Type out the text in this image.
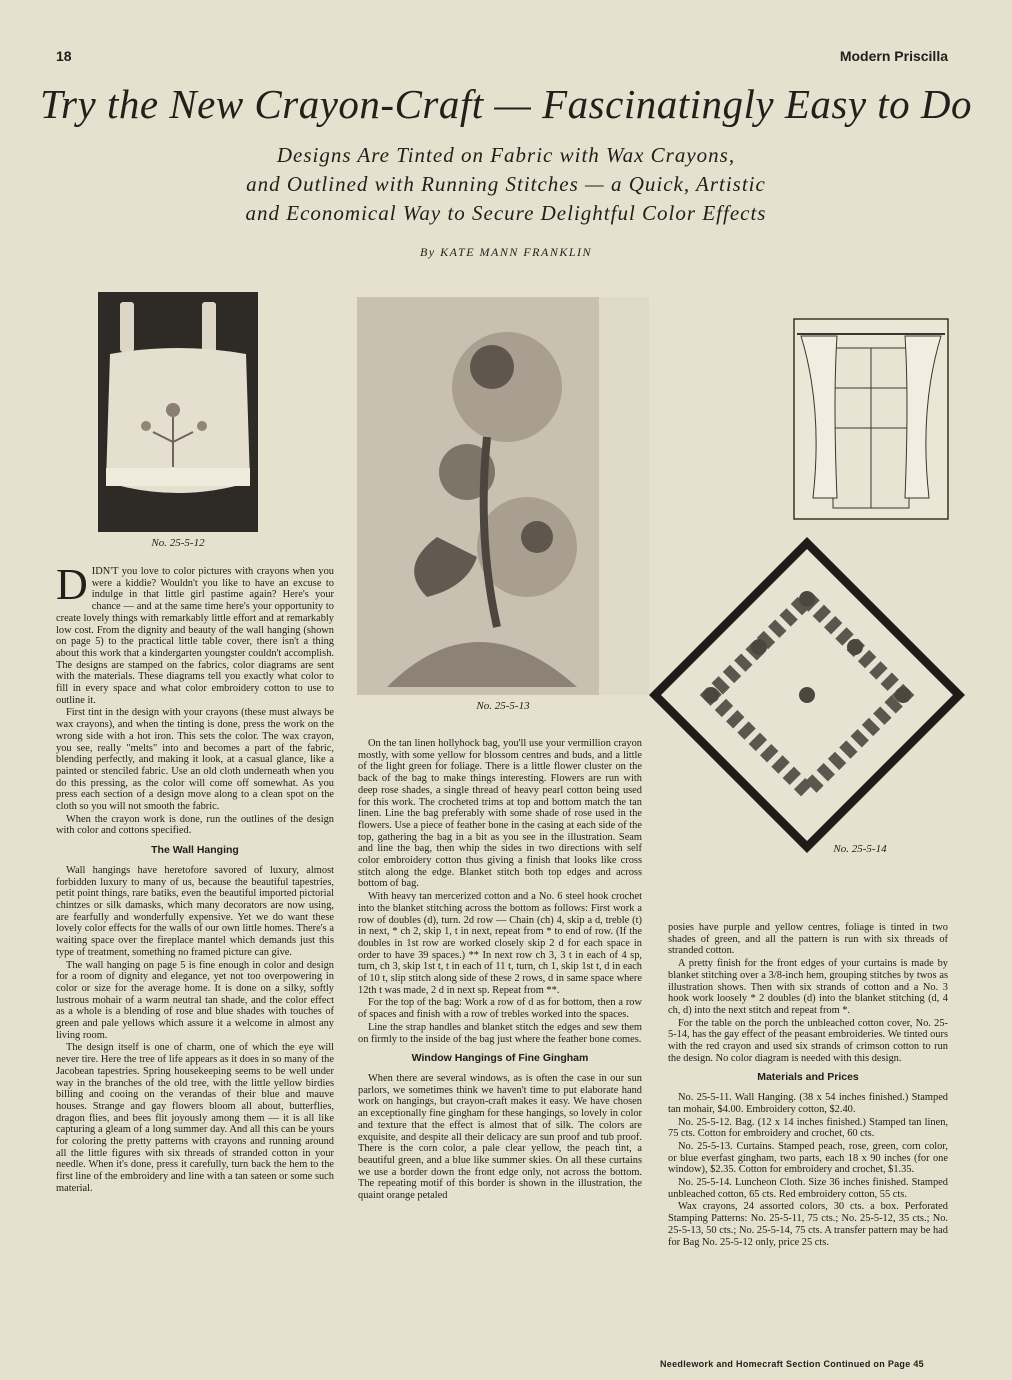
18	Modern Priscilla
Try the New Crayon-Craft — Fascinatingly Easy to Do
Designs Are Tinted on Fabric with Wax Crayons,
and Outlined with Running Stitches — a Quick, Artistic
and Economical Way to Secure Delightful Color Effects
By KATE MANN FRANKLIN
No. 25-5-12
No. 25-5-13
No. 25-5-14

DIDN'T you love to color pictures with crayons when you were a kiddie? Wouldn't you like to have an excuse to indulge in that little girl pastime again? Here's your chance — and at the same time here's your opportunity to create lovely things with remarkably little effort and at remarkably low cost. From the dignity and beauty of the wall hanging (shown on page 5) to the practical little table cover, there isn't a thing about this work that a kindergarten youngster couldn't accomplish. The designs are stamped on the fabrics, color diagrams are sent with the materials. These diagrams tell you exactly what color to fill in every space and what color embroidery cotton to use to outline it.

First tint in the design with your crayons (these must always be wax crayons), and when the tinting is done, press the work on the wrong side with a hot iron. This sets the color. The wax crayon, you see, really "melts" into and becomes a part of the fabric, blending perfectly, and making it look, at a casual glance, like a painted or stenciled fabric. Use an old cloth underneath when you do this pressing, as the color will come off somewhat. As you press each section of a design move along to a clean spot on the cloth so you will not smooth the fabric.

When the crayon work is done, run the outlines of the design with color and cottons specified.

The Wall Hanging

Wall hangings have heretofore savored of luxury, almost forbidden luxury to many of us, because the beautiful tapestries, petit point things, rare batiks, even the beautiful imported pictorial chintzes or silk damasks, which many decorators are now using, are fearfully and wonderfully expensive. Yet we do want these lovely color effects for the walls of our own little homes. There's a waiting space over the fireplace mantel which demands just this type of treatment, something no framed picture can give.

The wall hanging on page 5 is fine enough in color and design for a room of dignity and elegance, yet not too overpowering in color or size for the average home. It is done on a silky, softly lustrous mohair of a warm neutral tan shade, and the color effect as a whole is a blending of rose and blue shades with touches of green and pale yellows which assure it a welcome in almost any living room.

The design itself is one of charm, one of which the eye will never tire. Here the tree of life appears as it does in so many of the Jacobean tapestries. Spring housekeeping seems to be well under way in the branches of the old tree, with the little yellow birdies billing and cooing on the verandas of their blue and mauve houses. Strange and gay flowers bloom all about, butterflies, dragon flies, and bees flit joyously among them — it is all like capturing a gleam of a long summer day. And all this can be yours for coloring the pretty patterns with crayons and running around all the little figures with six threads of stranded cotton in your needle. When it's done, press it carefully, turn back the hem to the first line of the embroidery and line with a tan sateen or some such material.

On the tan linen hollyhock bag, you'll use your vermillion crayon mostly, with some yellow for blossom centres and buds, and a little of the light green for foliage. There is a little flower cluster on the back of the bag to make things interesting. Flowers are run with deep rose shades, a single thread of heavy pearl cotton being used for this work. The crocheted trims at top and bottom match the tan linen. Line the bag preferably with some shade of rose used in the flowers. Use a piece of feather bone in the casing at each side of the top, gathering the bag in a bit as you see in the illustration. Seam and line the bag, then whip the sides in two directions with self color embroidery cotton thus giving a finish that looks like cross stitch along the edge. Blanket stitch both top edges and across bottom of bag.

With heavy tan mercerized cotton and a No. 6 steel hook crochet into the blanket stitching across the bottom as follows: First work a row of doubles (d), turn. 2d row — Chain (ch) 4, skip a d, treble (t) in next, * ch 2, skip 1, t in next, repeat from * to end of row. (If the doubles in 1st row are worked closely skip 2 d for each space in order to have 39 spaces.) ** In next row ch 3, 3 t in each of 4 sp, turn, ch 3, skip 1st t, t in each of 11 t, turn, ch 1, skip 1st t, d in each of 10 t, slip stitch along side of these 2 rows, d in same space where 12th t was made, 2 d in next sp. Repeat from **.

For the top of the bag: Work a row of d as for bottom, then a row of spaces and finish with a row of trebles worked into the spaces.

Line the strap handles and blanket stitch the edges and sew them on firmly to the inside of the bag just where the feather bone comes.

Window Hangings of Fine Gingham

When there are several windows, as is often the case in our sun parlors, we sometimes think we haven't time to put elaborate hand work on hangings, but crayon-craft makes it easy. We have chosen an exceptionally fine gingham for these hangings, so lovely in color and texture that the effect is almost that of silk. The colors are exquisite, and despite all their delicacy are sun proof and tub proof. There is the corn color, a pale clear yellow, the peach tint, a beautiful green, and a blue like summer skies. On all these curtains we use a border down the front edge only, not across the bottom. The repeating motif of this border is shown in the illustration, the quaint orange petaled

posies have purple and yellow centres, foliage is tinted in two shades of green, and all the pattern is run with six threads of stranded cotton.

A pretty finish for the front edges of your curtains is made by blanket stitching over a 3/8-inch hem, grouping stitches by twos as illustration shows. Then with six strands of cotton and a No. 3 hook work loosely * 2 doubles (d) into the blanket stitching (d, 4 ch, d) into the next stitch and repeat from *.

For the table on the porch the unbleached cotton cover, No. 25-5-14, has the gay effect of the peasant embroideries. We tinted ours with the red crayon and used six strands of crimson cotton to run the design. No color diagram is needed with this design.

Materials and Prices

No. 25-5-11. Wall Hanging. (38 x 54 inches finished.) Stamped tan mohair, $4.00. Embroidery cotton, $2.40.

No. 25-5-12. Bag. (12 x 14 inches finished.) Stamped tan linen, 75 cts. Cotton for embroidery and crochet, 60 cts.

No. 25-5-13. Curtains. Stamped peach, rose, green, corn color, or blue everfast gingham, two parts, each 18 x 90 inches (for one window), $2.35. Cotton for embroidery and crochet, $1.35.

No. 25-5-14. Luncheon Cloth. Size 36 inches finished. Stamped unbleached cotton, 65 cts. Red embroidery cotton, 55 cts.

Wax crayons, 24 assorted colors, 30 cts. a box. Perforated Stamping Patterns: No. 25-5-11, 75 cts.; No. 25-5-12, 35 cts.; No. 25-5-13, 50 cts.; No. 25-5-14, 75 cts. A transfer pattern may be had for Bag No. 25-5-12 only, price 25 cts.

Needlework and Homecraft Section Continued on Page 45
